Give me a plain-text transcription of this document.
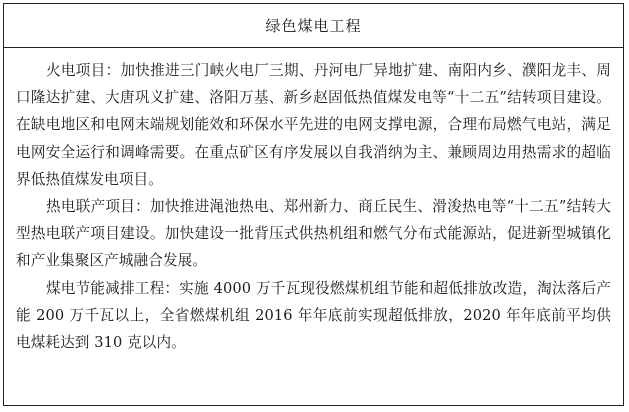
绿色煤电工程

火电项目：加快推进三门峡火电厂三期、丹河电厂异地扩建、南阳内乡、濮阳龙丰、周口隆达扩建、大唐巩义扩建、洛阳万基、新乡赵固低热值煤发电等“十二五”结转项目建设。在缺电地区和电网末端规划能效和环保水平先进的电网支撑电源，合理布局燃气电站，满足电网安全运行和调峰需要。在重点矿区有序发展以自我消纳为主、兼顾周边用热需求的超临界低热值煤发电项目。

热电联产项目：加快推进渑池热电、郑州新力、商丘民生、滑浚热电等“十二五”结转大型热电联产项目建设。加快建设一批背压式供热机组和燃气分布式能源站，促进新型城镇化和产业集聚区产城融合发展。

煤电节能减排工程：实施 4000 万千瓦现役燃煤机组节能和超低排放改造，淘汰落后产能 200 万千瓦以上，全省燃煤机组 2016 年年底前实现超低排放，2020 年年底前平均供电煤耗达到 310 克以内。
